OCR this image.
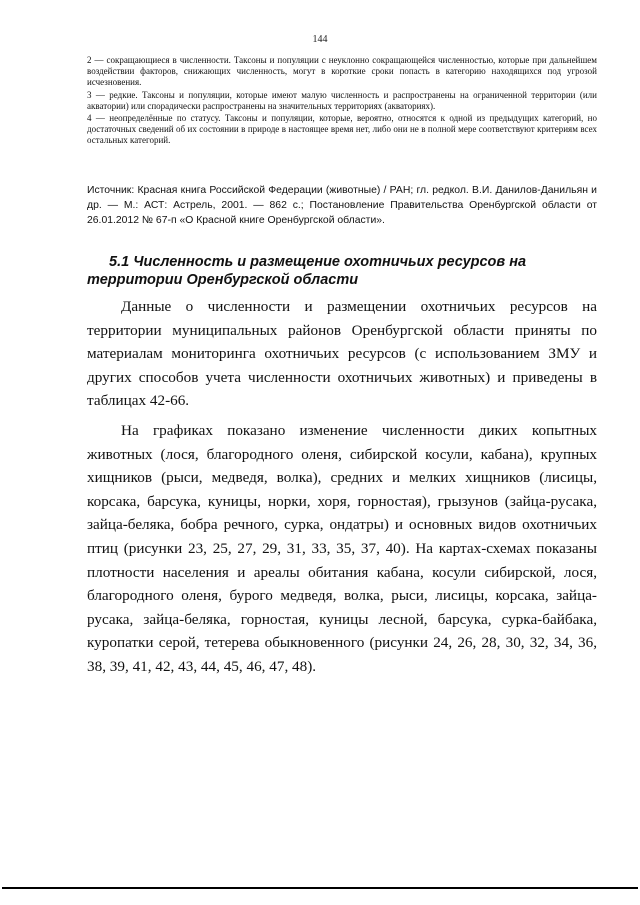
144

2 — сокращающиеся в численности. Таксоны и популяции с неуклонно сокращающейся численностью, которые при дальнейшем воздействии факторов, снижающих численность, могут в короткие сроки попасть в категорию находящихся под угрозой исчезновения.

3 — редкие. Таксоны и популяции, которые имеют малую численность и распространены на ограниченной территории (или акватории) или спорадически распространены на значительных территориях (акваториях).

4 — неопределённые по статусу. Таксоны и популяции, которые, вероятно, относятся к одной из предыдущих категорий, но достаточных сведений об их состоянии в природе в настоящее время нет, либо они не в полной мере соответствуют критериям всех остальных категорий.

Источник: Красная книга Российской Федерации (животные) / РАН; гл. редкол. В.И. Данилов-Данильян и др. — М.: АСТ: Астрель, 2001. — 862 с.; Постановление Правительства Оренбургской области от 26.01.2012 № 67-п «О Красной книге Оренбургской области».

5.1 Численность и размещение охотничьих ресурсов на территории Оренбургской области

Данные о численности и размещении охотничьих ресурсов на территории муниципальных районов Оренбургской области приняты по материалам мониторинга охотничьих ресурсов (с использованием ЗМУ и других способов учета численности охотничьих животных) и приведены в таблицах 42-66.

На графиках показано изменение численности диких копытных животных (лося, благородного оленя, сибирской косули, кабана), крупных хищников (рыси, медведя, волка), средних и мелких хищников (лисицы, корсака, барсука, куницы, норки, хоря, горностая), грызунов (зайца-русака, зайца-беляка, бобра речного, сурка, ондатры) и основных видов охотничьих птиц (рисунки 23, 25, 27, 29, 31, 33, 35, 37, 40). На картах-схемах показаны плотности населения и ареалы обитания кабана, косули сибирской, лося, благородного оленя, бурого медведя, волка, рыси, лисицы, корсака, зайца-русака, зайца-беляка, горностая, куницы лесной, барсука, сурка-байбака, куропатки серой, тетерева обыкновенного (рисунки 24, 26, 28, 30, 32, 34, 36, 38, 39, 41, 42, 43, 44, 45, 46, 47, 48).
